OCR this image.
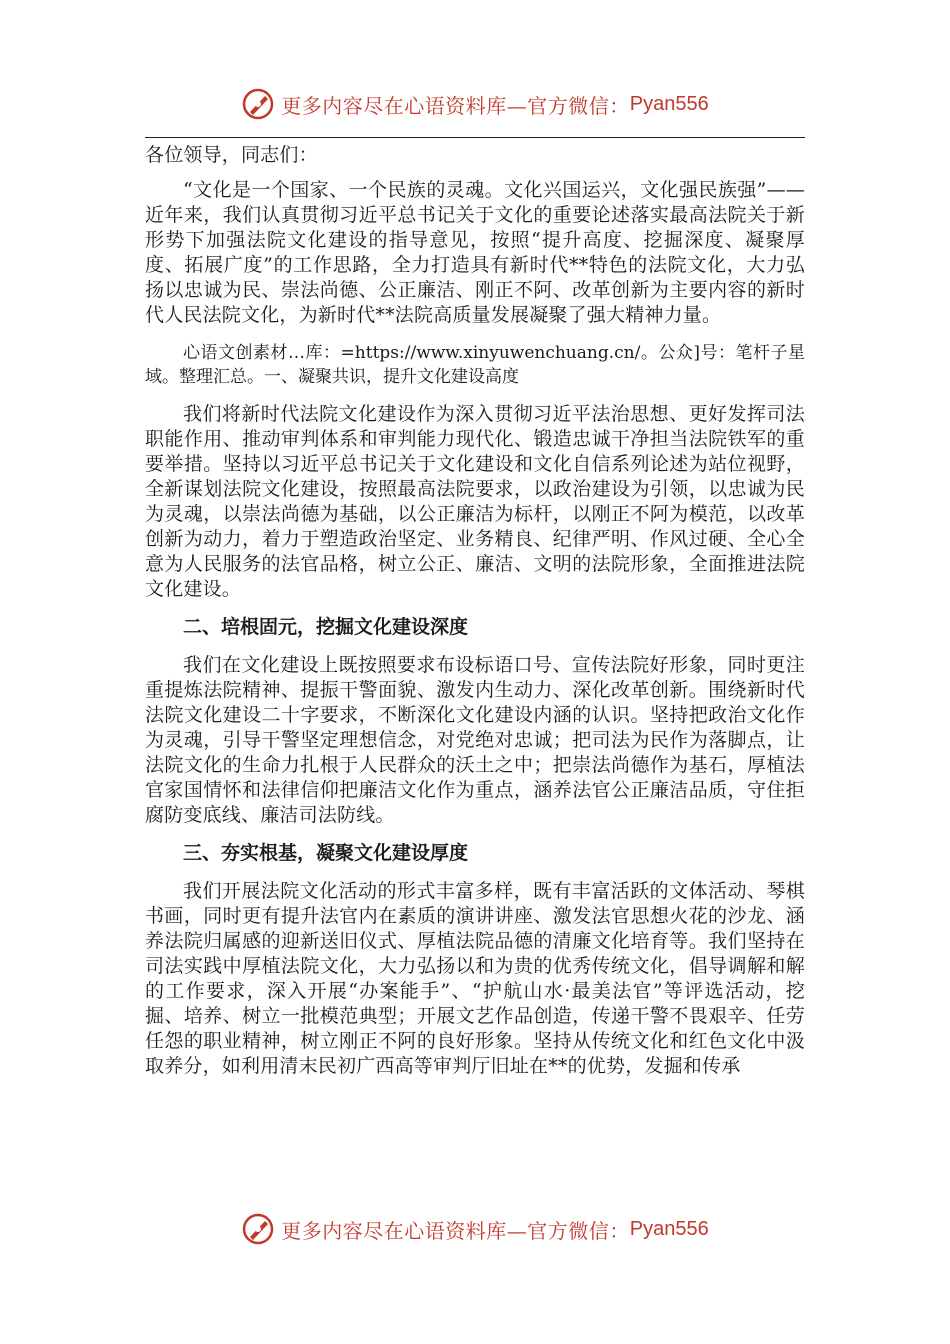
更多内容尽在心语资料库—官方微信： Pyan556

各位领导，同志们：

“文化是一个国家、一个民族的灵魂。文化兴国运兴，文化强民族强”——近年来，我们认真贯彻习近平总书记关于文化的重要论述落实最高法院关于新形势下加强法院文化建设的指导意见，按照“提升高度、挖掘深度、凝聚厚度、拓展广度”的工作思路，全力打造具有新时代**特色的法院文化，大力弘扬以忠诚为民、崇法尚德、公正廉洁、刚正不阿、改革创新为主要内容的新时代人民法院文化，为新时代**法院高质量发展凝聚了强大精神力量。

心语文创素材…库：=https://www.xinyuwenchuang.cn/。公众]号：笔杆子星域。整理汇总。一、凝聚共识，提升文化建设高度

我们将新时代法院文化建设作为深入贯彻习近平法治思想、更好发挥司法职能作用、推动审判体系和审判能力现代化、锻造忠诚干净担当法院铁军的重要举措。坚持以习近平总书记关于文化建设和文化自信系列论述为站位视野，全新谋划法院文化建设，按照最高法院要求，以政治建设为引领，以忠诚为民为灵魂，以崇法尚德为基础，以公正廉洁为标杆，以刚正不阿为模范，以改革创新为动力，着力于塑造政治坚定、业务精良、纪律严明、作风过硬、全心全意为人民服务的法官品格，树立公正、廉洁、文明的法院形象，全面推进法院文化建设。

二、培根固元，挖掘文化建设深度

我们在文化建设上既按照要求布设标语口号、宣传法院好形象，同时更注重提炼法院精神、提振干警面貌、激发内生动力、深化改革创新。围绕新时代法院文化建设二十字要求，不断深化文化建设内涵的认识。坚持把政治文化作为灵魂，引导干警坚定理想信念，对党绝对忠诚；把司法为民作为落脚点，让法院文化的生命力扎根于人民群众的沃土之中；把崇法尚德作为基石，厚植法官家国情怀和法律信仰把廉洁文化作为重点，涵养法官公正廉洁品质，守住拒腐防变底线、廉洁司法防线。

三、夯实根基，凝聚文化建设厚度

我们开展法院文化活动的形式丰富多样，既有丰富活跃的文体活动、琴棋书画，同时更有提升法官内在素质的演讲讲座、激发法官思想火花的沙龙、涵养法院归属感的迎新送旧仪式、厚植法院品德的清廉文化培育等。我们坚持在司法实践中厚植法院文化，大力弘扬以和为贵的优秀传统文化，倡导调解和解的工作要求，深入开展“办案能手”、“护航山水·最美法官”等评选活动，挖掘、培养、树立一批模范典型；开展文艺作品创造，传递干警不畏艰辛、任劳任怨的职业精神，树立刚正不阿的良好形象。坚持从传统文化和红色文化中汲取养分，如利用清末民初广西高等审判厅旧址在**的优势，发掘和传承

更多内容尽在心语资料库—官方微信： Pyan556
